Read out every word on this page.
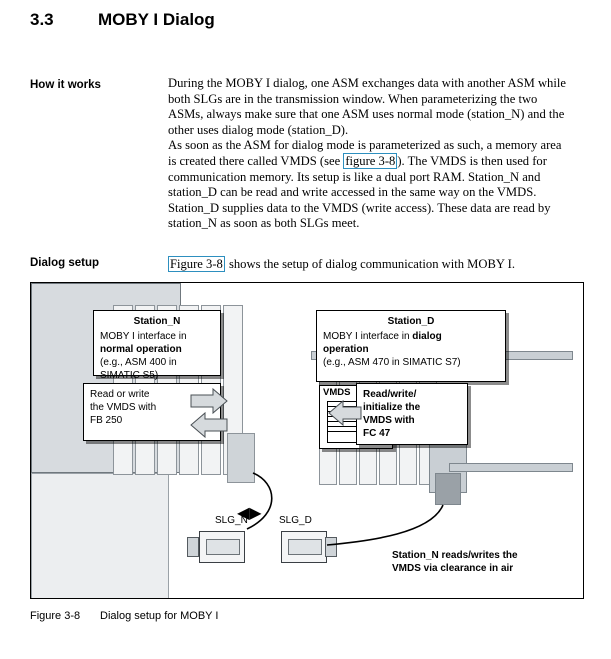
3.3	MOBY I Dialog
How it works	During the MOBY I dialog, one ASM exchanges data with another ASM while both SLGs are in the transmission window. When parameterizing the two ASMs, always make sure that one ASM uses normal mode (station_N) and the other uses dialog mode (station_D).

As soon as the ASM for dialog mode is parameterized as such, a memory area is created there called VMDS (see figure 3-8 ). The VMDS is then used for communication memory. Its setup is like a dual port RAM. Station_N and station_D can be read and write accessed in the same way on the VMDS. Station_D supplies data to the VMDS (write access). These data are read by station_N as soon as both SLGs meet.

Dialog setup	Figure 3-8 shows the setup of dialog communication with MOBY I.
VMDS
Station_N
MOBY I interface in
normal operation
(e.g., ASM 400 in
SIMATIC S5)
Read or write
the VMDS with
FB 250
Station_D
MOBY I interface in dialog
operation
(e.g., ASM 470 in SIMATIC S7)
Read/write/
initialize the
VMDS with
FC 47
SLG_N	SLG_D
Station_N reads/writes the
VMDS via clearance in air
◀▶
Figure 3-8 Dialog setup for MOBY I
